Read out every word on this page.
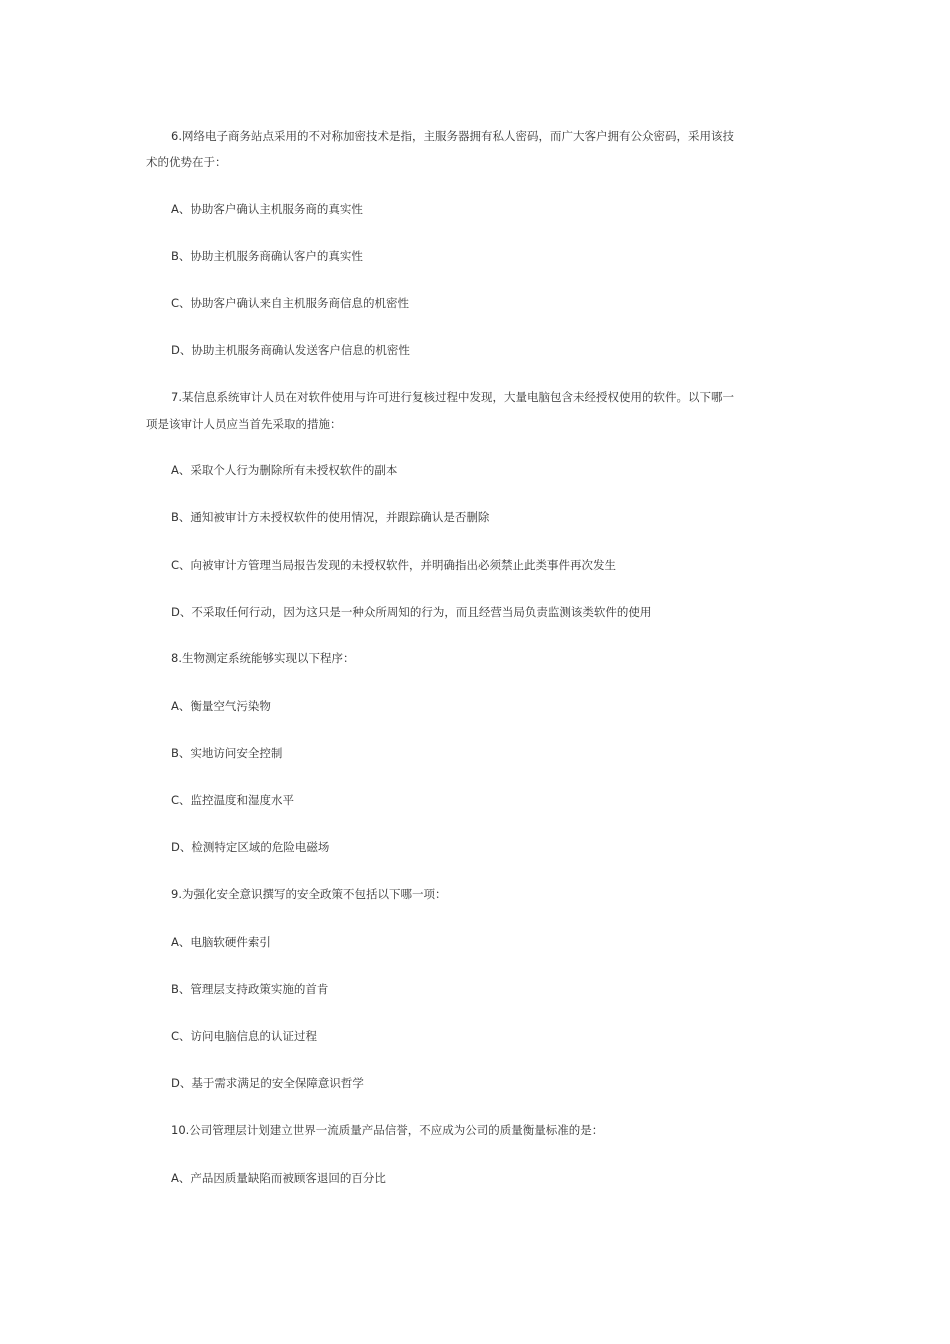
6.网络电子商务站点采用的不对称加密技术是指，主服务器拥有私人密码，而广大客户拥有公众密码，采用该技

术的优势在于：

A、协助客户确认主机服务商的真实性

B、协助主机服务商确认客户的真实性

C、协助客户确认来自主机服务商信息的机密性

D、协助主机服务商确认发送客户信息的机密性

7.某信息系统审计人员在对软件使用与许可进行复核过程中发现，大量电脑包含未经授权使用的软件。以下哪一

项是该审计人员应当首先采取的措施：

A、采取个人行为删除所有未授权软件的副本

B、通知被审计方未授权软件的使用情况，并跟踪确认是否删除

C、向被审计方管理当局报告发现的未授权软件，并明确指出必须禁止此类事件再次发生

D、不采取任何行动，因为这只是一种众所周知的行为，而且经营当局负责监测该类软件的使用

8.生物测定系统能够实现以下程序：

A、衡量空气污染物

B、实地访问安全控制

C、监控温度和湿度水平

D、检测特定区域的危险电磁场

9.为强化安全意识撰写的安全政策不包括以下哪一项：

A、电脑软硬件索引

B、管理层支持政策实施的首肯

C、访问电脑信息的认证过程

D、基于需求满足的安全保障意识哲学

10.公司管理层计划建立世界一流质量产品信誉，不应成为公司的质量衡量标准的是：

A、产品因质量缺陷而被顾客退回的百分比
